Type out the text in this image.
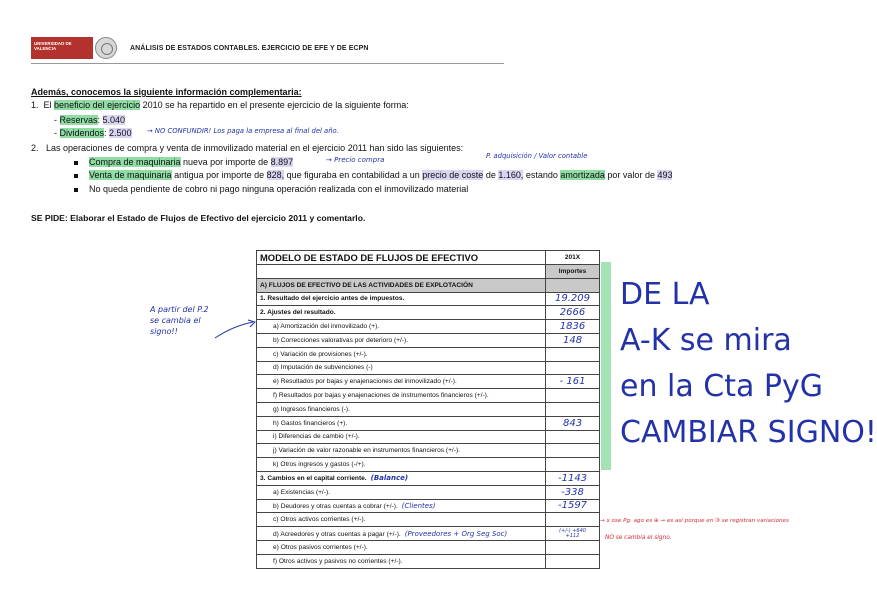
UNIVERSIDAD DE VALENCIA	ANÁLISIS DE ESTADOS CONTABLES. EJERCICIO DE EFE Y DE ECPN
Además, conocemos la siguiente información complementaria:
1. El beneficio del ejercicio 2010 se ha repartido en el presente ejercicio de la siguiente forma:
- Reservas: 5.040
- Dividendos: 2.500 → NO CONFUNDIR! Los paga la empresa al final del año.
2. Las operaciones de compra y venta de inmovilizado material en el ejercicio 2011 han sido las siguientes:
P. adquisición / Valor contable
Compra de maquinaria nueva por importe de 8.897	→ Precio compra
Venta de maquinaria antigua por importe de 828, que figuraba en contabilidad a un precio de coste de 1.160, estando amortizada por valor de 493
No queda pendiente de cobro ni pago ninguna operación realizada con el inmovilizado material
SE PIDE: Elaborar el Estado de Flujos de Efectivo del ejercicio 2011 y comentarlo.
A partir del P.2
se cambia el
signo!!
MODELO DE ESTADO DE FLUJOS DE EFECTIVO	201X
	Importes
A) FLUJOS DE EFECTIVO DE LAS ACTIVIDADES DE EXPLOTACIÓN	
1. Resultado del ejercicio antes de impuestos.	19.209
2. Ajustes del resultado.	2666
a) Amortización del inmovilizado (+).	1836
b) Correcciones valorativas por deterioro (+/-).	148
c) Variación de provisiones (+/-).	
d) Imputación de subvenciones (-)	
e) Resultados por bajas y enajenaciones del inmovilizado (+/-).	- 161
f) Resultados por bajas y enajenaciones de instrumentos financieros (+/-).	
g) Ingresos financieros (-).	
h) Gastos financieros (+).	843
i) Diferencias de cambio (+/-).	
j) Variación de valor razonable en instrumentos financieros (+/-).	
k) Otros ingresos y gastos (-/+).	
3. Cambios en el capital corriente. (Balance)	-1143
a) Existencias (+/-).	-338
b) Deudores y otras cuentas a cobrar (+/-). (Clientes)	-1597
c) Otros activos corrientes (+/-).	
d) Acreedores y otras cuentas a pagar (+/-). (Proveedores + Org Seg Soc)	(+/-) +640
+112

e) Otros pasivos corrientes (+/-).	
f) Otros activos y pasivos no corrientes (+/-).	
DE LA
A-K se mira
en la Cta PyG
CAMBIAR SIGNO!
→ x ose Pg. ago es ⊕ → es así porque en ③ se registran variaciones
NO se cambia el signo.
